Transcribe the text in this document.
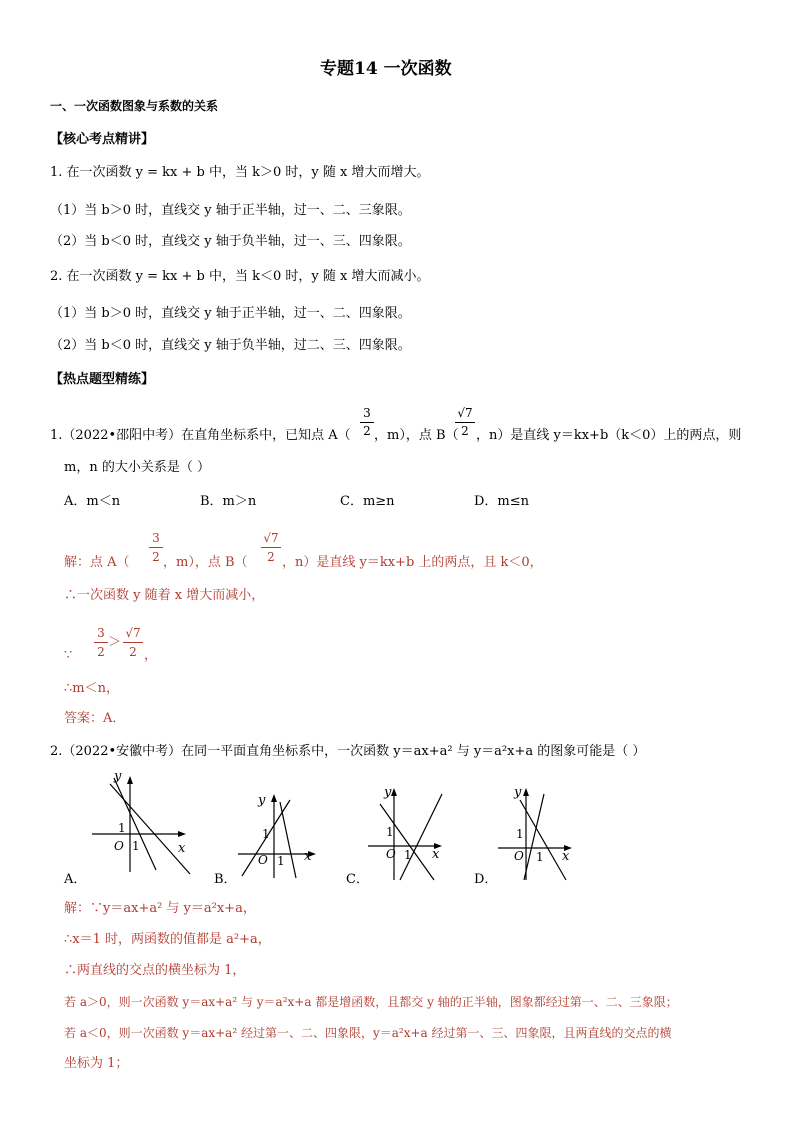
专题14 一次函数
一、一次函数图象与系数的关系
【核心考点精讲】
1. 在一次函数 y = kx + b 中，当 k＞0 时，y 随 x 增大而增大。
（1）当 b＞0 时，直线交 y 轴于正半轴，过一、二、三象限。
（2）当 b＜0 时，直线交 y 轴于负半轴，过一、三、四象限。
2. 在一次函数 y = kx + b 中，当 k＜0 时，y 随 x 增大而减小。
（1）当 b＞0 时，直线交 y 轴于正半轴，过一、二、四象限。
（2）当 b＜0 时，直线交 y 轴于负半轴，过二、三、四象限。
【热点题型精练】
1.（2022•邵阳中考）在直角坐标系中，已知点 A（
3
2 ，m），点 B（
√7
2 ，n）是直线 y＝kx+b（k＜0）上的两点，则
m，n 的大小关系是（ ）
A．m＜n	B．m＞n	C．m≥n	D．m≤n
解：点 A（
3
2 ，m），点 B（
√7
2 ，n）是直线 y＝kx+b 上的两点，且 k＜0，
∴一次函数 y 随着 x 增大而减小，
∵
3
2
＞
√7
2 ，
∴m＜n，
答案：A．
2.（2022•安徽中考）在同一平面直角坐标系中，一次函数 y＝ax+a² 与 y＝a²x+a 的图象可能是（ ）
y
x
O
1
1
y
x
O
1
1
y
x
O
1
1
y
x
O
1
1
A．	B．	C．	D．
解：∵y＝ax+a² 与 y＝a²x+a，
∴x＝1 时，两函数的值都是 a²+a，
∴两直线的交点的横坐标为 1，
若 a＞0，则一次函数 y＝ax+a² 与 y＝a²x+a 都是增函数，且都交 y 轴的正半轴，图象都经过第一、二、三象限；
若 a＜0，则一次函数 y＝ax+a² 经过第一、二、四象限，y＝a²x+a 经过第一、三、四象限，且两直线的交点的横
坐标为 1；
